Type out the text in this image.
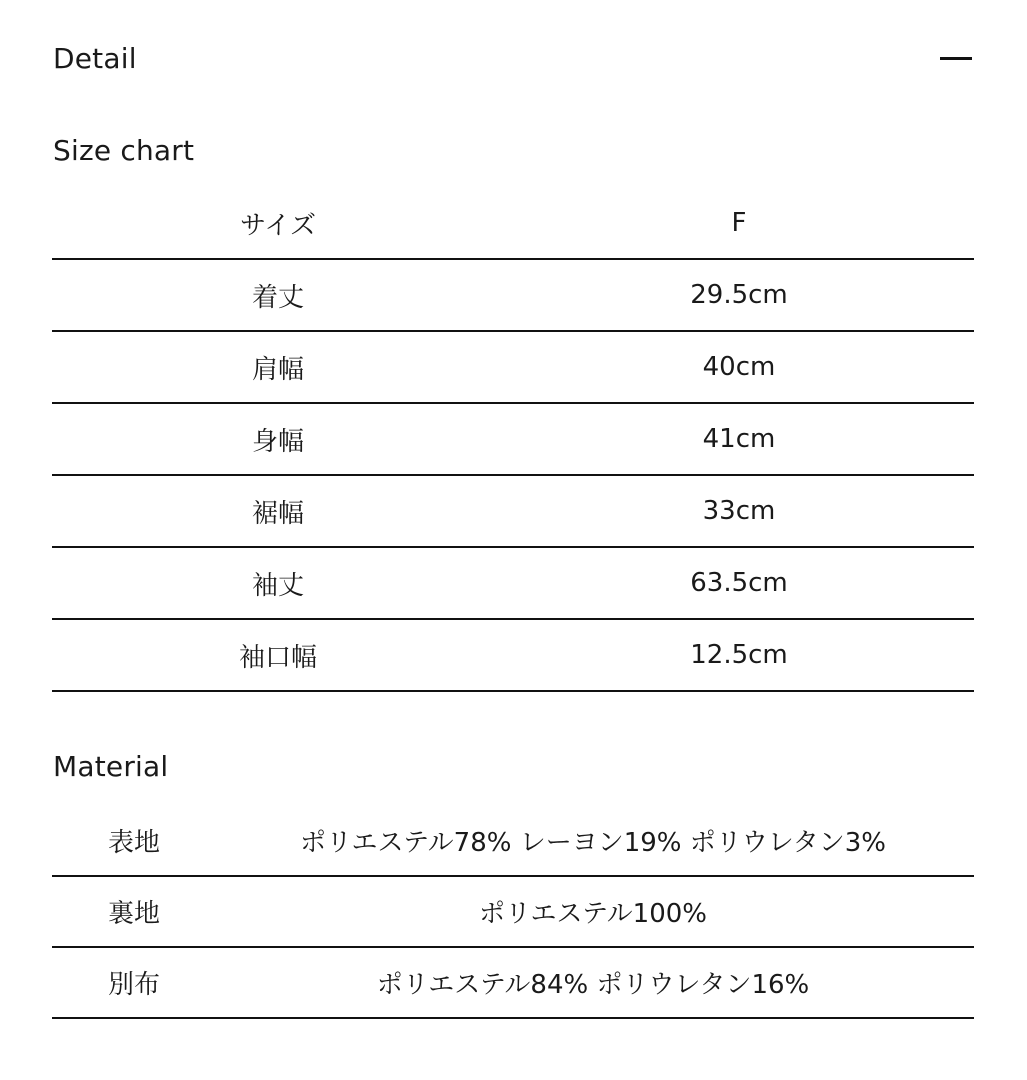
Detail
Size chart
サイズ	F
着丈	29.5cm
肩幅	40cm
身幅	41cm
裾幅	33cm
袖丈	63.5cm
袖口幅	12.5cm
Material
表地	ポリエステル78% レーヨン19% ポリウレタン3%
裏地	ポリエステル100%
別布	ポリエステル84% ポリウレタン16%
